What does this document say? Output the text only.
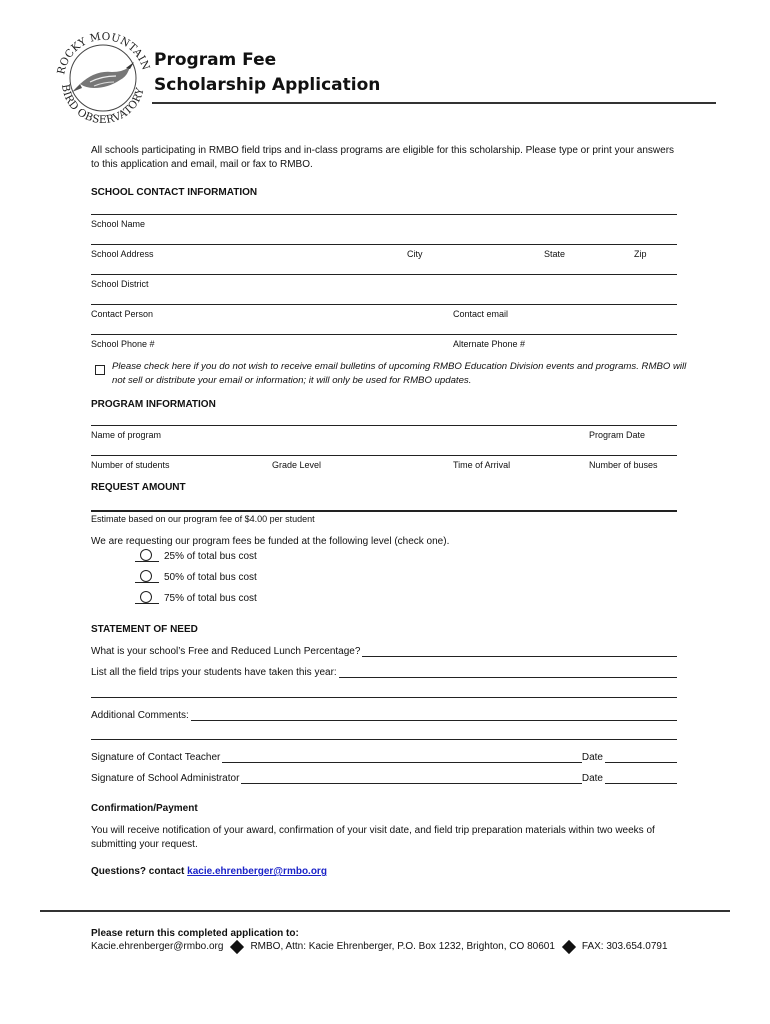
ROCKY MOUNTAIN
BIRD OBSERVATORY
Program Fee
Scholarship Application
All schools participating in RMBO field trips and in-class programs are eligible for this scholarship. Please type or print your answers to this application and email, mail or fax to RMBO.
SCHOOL CONTACT INFORMATION
School Name
School Address	City	State	Zip
School District
Contact Person	Contact email
School Phone #	Alternate Phone #
Please check here if you do not wish to receive email bulletins of upcoming RMBO Education Division events and programs. RMBO will not sell or distribute your email or information; it will only be used for RMBO updates.
PROGRAM INFORMATION
Name of program	Program Date
Number of students	Grade Level	Time of Arrival	Number of buses
REQUEST AMOUNT
Estimate based on our program fee of $4.00 per student
We are requesting our program fees be funded at the following level (check one).
25% of total bus cost
50% of total bus cost
75% of total bus cost
STATEMENT OF NEED
What is your school’s Free and Reduced Lunch Percentage?
List all the field trips your students have taken this year:
Additional Comments:
Signature of Contact Teacher	Date
Signature of School Administrator	Date
Confirmation/Payment
You will receive notification of your award, confirmation of your visit date, and field trip preparation materials within two weeks of submitting your request.
Questions? contact kacie.ehrenberger@rmbo.org
Please return this completed application to:
Kacie.ehrenberger@rmbo.org	RMBO, Attn: Kacie Ehrenberger, P.O. Box 1232, Brighton, CO 80601	FAX: 303.654.0791
